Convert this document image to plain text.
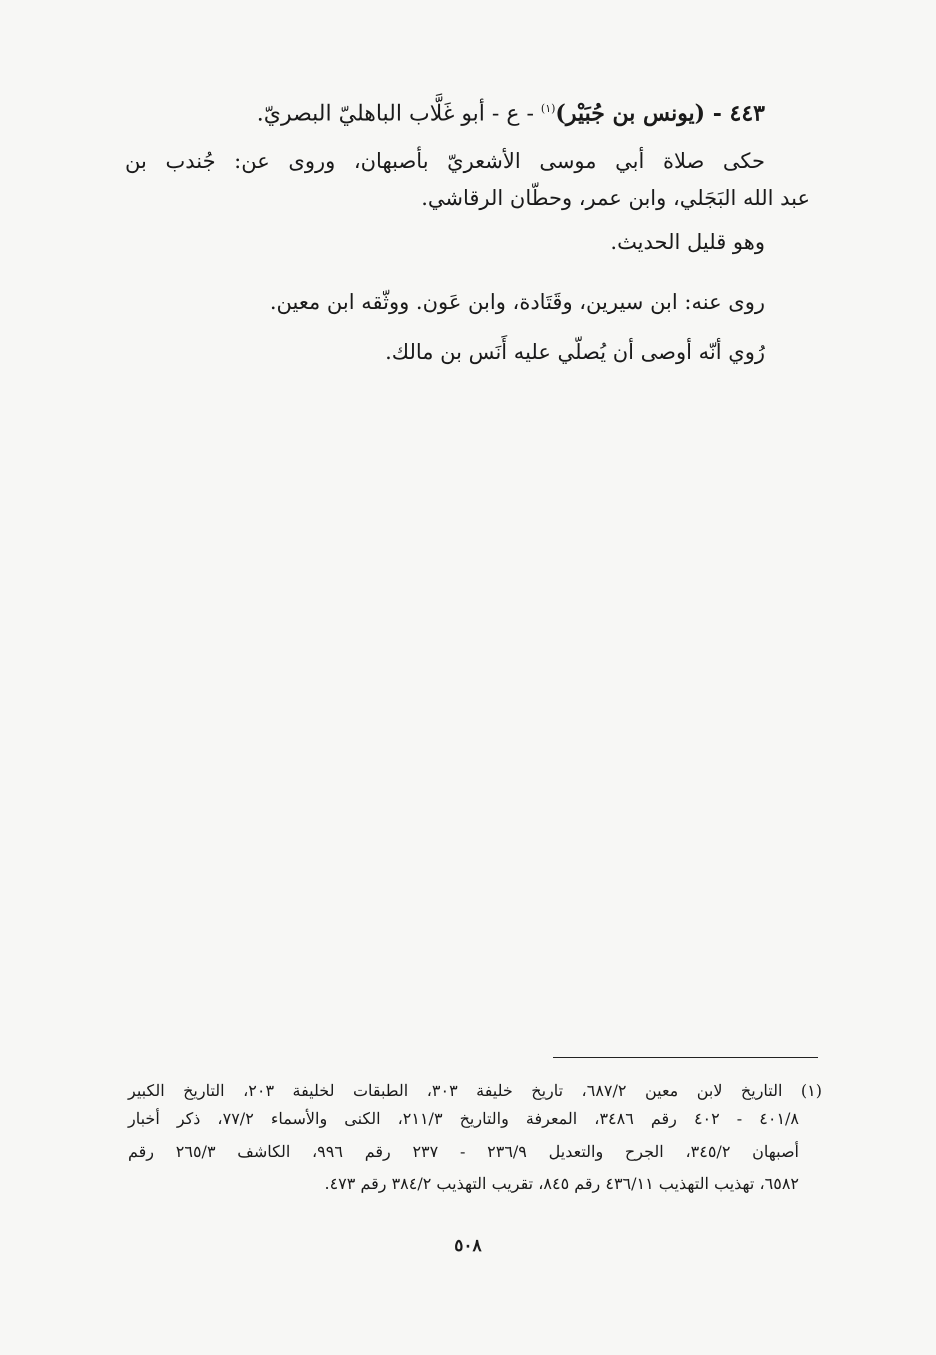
٤٤٣ - (يونس بن جُبَيْر)$^{(١)}$ - ع - أبو غَلَّاب الباهليّ البصريّ.
حكى صلاة أبي موسى الأشعريّ بأصبهان، وروى عن: جُندب بن
عبد الله البَجَلي، وابن عمر، وحطّان الرقاشي.
وهو قليل الحديث.
روى عنه: ابن سيرين، وقَتَادة، وابن عَون. ووثّقه ابن معين.
رُوي أنّه أوصى أن يُصلّي عليه أَنَس بن مالك.
(١) التاريخ لابن معين ٦٨٧/٢، تاريخ خليفة ٣٠٣، الطبقات لخليفة ٢٠٣، التاريخ الكبير
٤٠١/٨ - ٤٠٢ رقم ٣٤٨٦، المعرفة والتاريخ ٢١١/٣، الكنى والأسماء ٧٧/٢، ذكر أخبار
أصبهان ٣٤٥/٢، الجرح والتعديل ٢٣٦/٩ - ٢٣٧ رقم ٩٩٦، الكاشف ٢٦٥/٣ رقم
٦٥٨٢، تهذيب التهذيب ٤٣٦/١١ رقم ٨٤٥، تقريب التهذيب ٣٨٤/٢ رقم ٤٧٣.
٥٠٨
